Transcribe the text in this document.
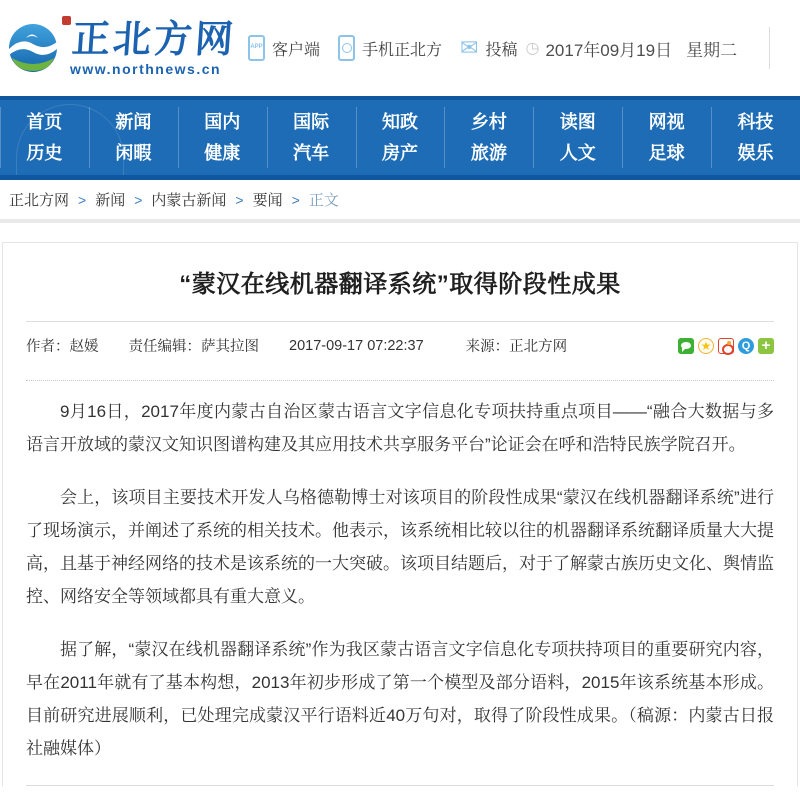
正北方网
www.northnews.cn
APP
客户端	手机正北方 ✉ 投稿 ◷ 2017年09月19日 星期二
首页
历史
新闻
闲暇
国内
健康
国际
汽车
知政
房产
乡村
旅游
读图
人文
网视
足球
科技
娱乐
正北方网 > 新闻 > 内蒙古新闻 > 要闻 > 正文
“蒙汉在线机器翻译系统”取得阶段性成果
作者：赵媛 责任编辑：萨其拉图 2017-09-17 07:22:37	来源：正北方网
★
Q
+

9月16日，2017年度内蒙古自治区蒙古语言文字信息化专项扶持重点项目——“融合大数据与多语言开放域的蒙汉文知识图谱构建及其应用技术共享服务平台”论证会在呼和浩特民族学院召开。

会上，该项目主要技术开发人乌格德勒博士对该项目的阶段性成果“蒙汉在线机器翻译系统”进行了现场演示，并阐述了系统的相关技术。他表示，该系统相比较以往的机器翻译系统翻译质量大大提高，且基于神经网络的技术是该系统的一大突破。该项目结题后，对于了解蒙古族历史文化、舆情监控、网络安全等领域都具有重大意义。

据了解，“蒙汉在线机器翻译系统”作为我区蒙古语言文字信息化专项扶持项目的重要研究内容，早在2011年就有了基本构想，2013年初步形成了第一个模型及部分语料，2015年该系统基本形成。目前研究进展顺利，已处理完成蒙汉平行语料近40万句对，取得了阶段性成果。（稿源：内蒙古日报社融媒体）
